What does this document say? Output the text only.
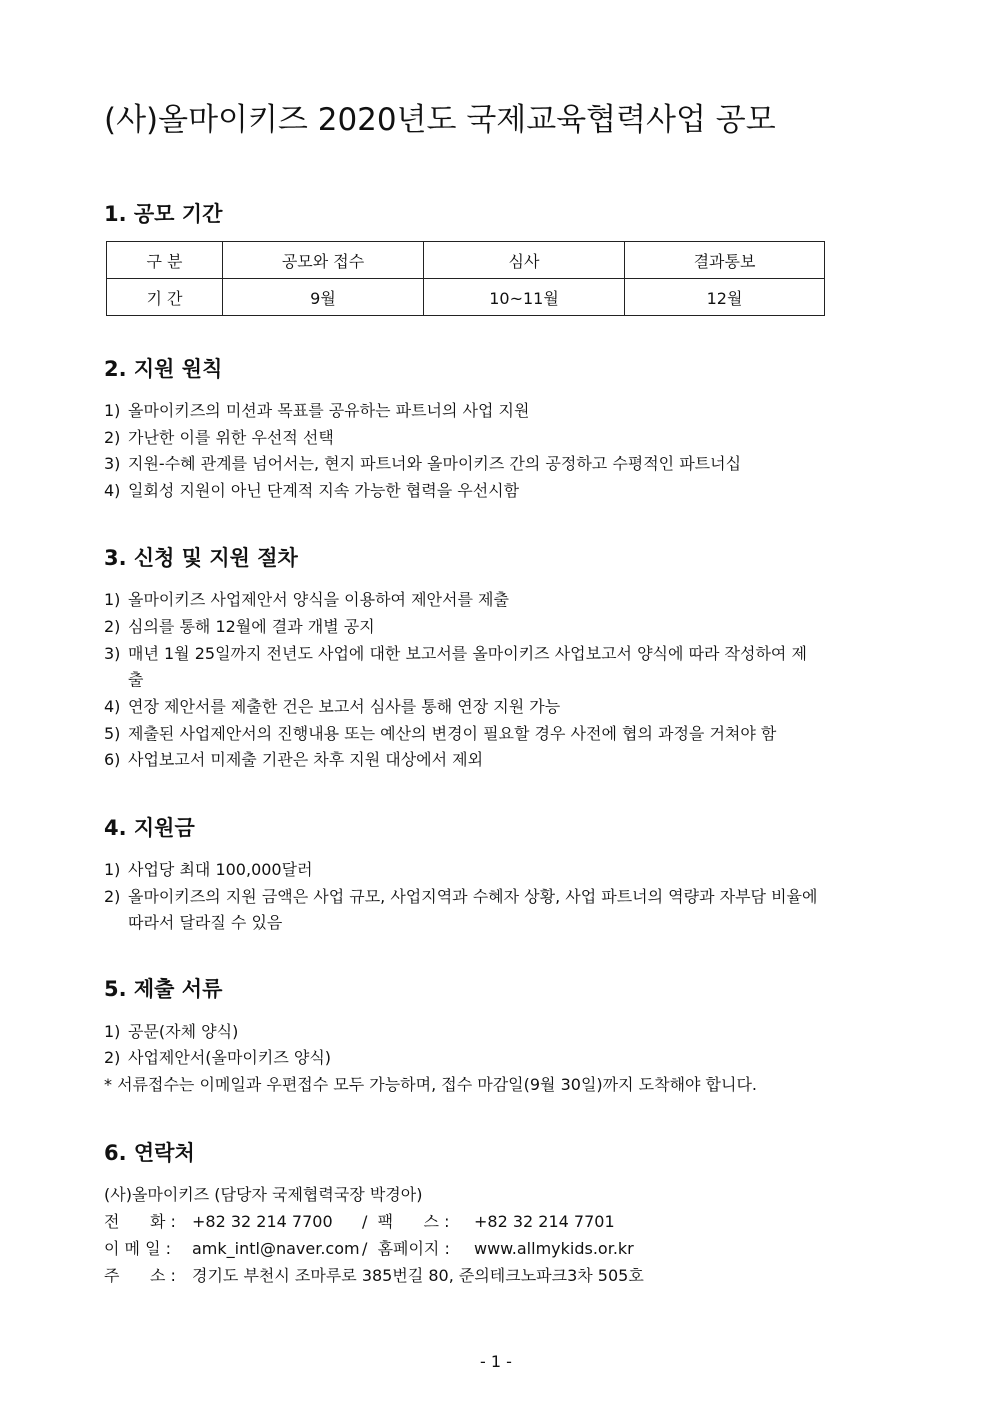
(사)올마이키즈 2020년도 국제교육협력사업 공모
1. 공모 기간
구 분	공모와 접수	심사	결과통보
기 간	9월	10~11월	12월
2. 지원 원칙
1) 올마이키즈의 미션과 목표를 공유하는 파트너의 사업 지원
2) 가난한 이를 위한 우선적 선택
3) 지원-수혜 관계를 넘어서는, 현지 파트너와 올마이키즈 간의 공정하고 수평적인 파트너십
4) 일회성 지원이 아닌 단계적 지속 가능한 협력을 우선시함
3. 신청 및 지원 절차
1) 올마이키즈 사업제안서 양식을 이용하여 제안서를 제출
2) 심의를 통해 12월에 결과 개별 공지
3) 매년 1월 25일까지 전년도 사업에 대한 보고서를 올마이키즈 사업보고서 양식에 따라 작성하여 제
출
4) 연장 제안서를 제출한 건은 보고서 심사를 통해 연장 지원 가능
5) 제출된 사업제안서의 진행내용 또는 예산의 변경이 필요할 경우 사전에 협의 과정을 거쳐야 함
6) 사업보고서 미제출 기관은 차후 지원 대상에서 제외
4. 지원금
1) 사업당 최대 100,000달러
2) 올마이키즈의 지원 금액은 사업 규모, 사업지역과 수혜자 상황, 사업 파트너의 역량과 자부담 비율에
따라서 달라질 수 있음
5. 제출 서류
1) 공문(자체 양식)
2) 사업제안서(올마이키즈 양식)
* 서류접수는 이메일과 우편접수 모두 가능하며, 접수 마감일(9월 30일)까지 도착해야 합니다.
6. 연락처
(사)올마이키즈 (담당자 국제협력국장 박경아)
전      화 : +82 32 214 7700 /  팩      스 : +82 32 214 7701
이 메 일 : amk_intl@naver.com /  홈페이지 : www.allmykids.or.kr
주      소 : 경기도 부천시 조마루로 385번길 80, 준의테크노파크3차 505호
- 1 -
